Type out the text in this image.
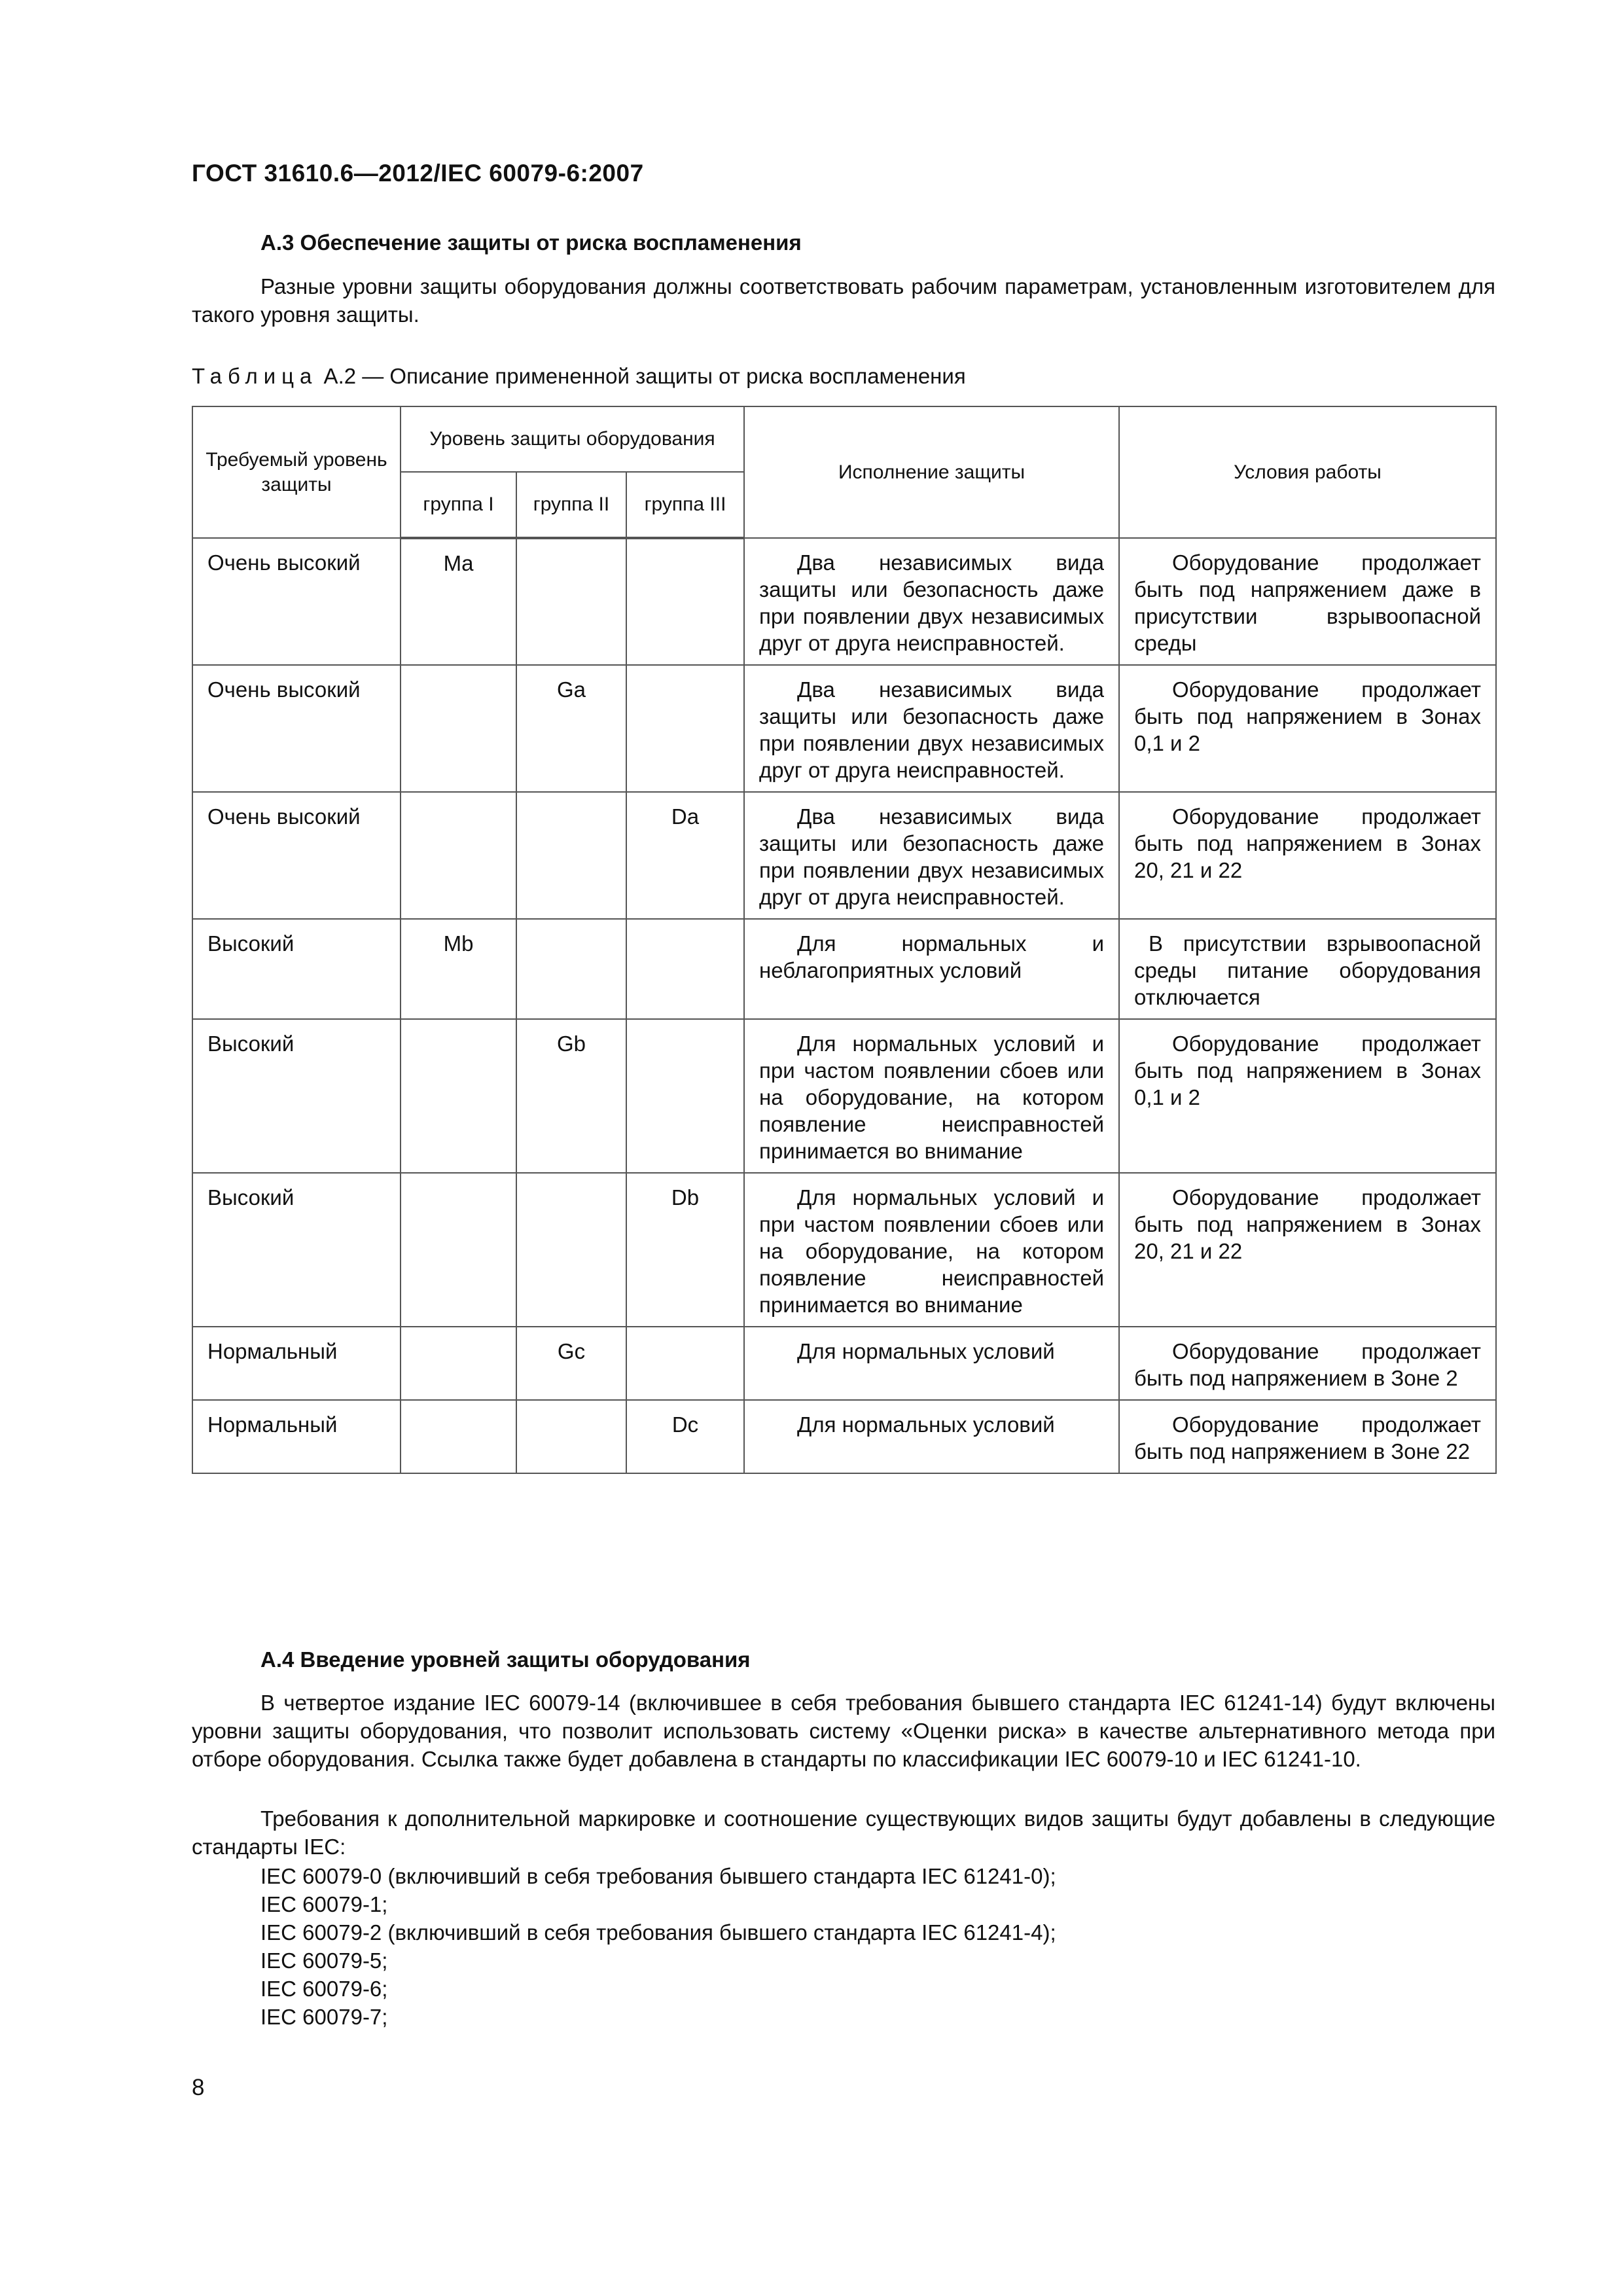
ГОСТ 31610.6—2012/IEC 60079-6:2007
А.3 Обеспечение защиты от риска воспламенения

Разные уровни защиты оборудования должны соответствовать рабочим параметрам, установленным изготовителем для такого уровня защиты.

Таблица А.2 — Описание примененной защиты от риска воспламенения

Требуемый уровень защиты	Уровень защиты оборудования			Исполнение защиты	Условия работы
	группа I	группа II	группа III		
Очень высокий	Ma			Два независимых вида защиты или безопасность даже при появлении двух независимых друг от друга неисправностей.	Оборудование продолжает быть под напряжением даже в присутствии взрывоопасной среды
Очень высокий		Ga		Два независимых вида защиты или безопасность даже при появлении двух независимых друг от друга неисправностей.	Оборудование продолжает быть под напряжением в Зонах 0,1 и 2
Очень высокий			Da	Два независимых вида защиты или безопасность даже при появлении двух независимых друг от друга неисправностей.	Оборудование продолжает быть под напряжением в Зонах 20, 21 и 22
Высокий	Mb			Для нормальных и неблагоприятных условий	В присутствии взрывоопасной среды питание оборудования отключается
Высокий		Gb		Для нормальных условий и при частом появлении сбоев или на оборудование, на котором появление неисправностей принимается во внимание	Оборудование продолжает быть под напряжением в Зонах 0,1 и 2
Высокий			Db	Для нормальных условий и при частом появлении сбоев или на оборудование, на котором появление неисправностей принимается во внимание	Оборудование продолжает быть под напряжением в Зонах 20, 21 и 22
Нормальный		Gc		Для нормальных условий	Оборудование продолжает быть под напряжением в Зоне 2
Нормальный			Dc	Для нормальных условий	Оборудование продолжает быть под напряжением в Зоне 22
А.4 Введение уровней защиты оборудования

В четвертое издание IEC 60079-14 (включившее в себя требования бывшего стандарта IEC 61241-14) будут включены уровни защиты оборудования, что позволит использовать систему «Оценки риска» в качестве альтернативного метода при отборе оборудования. Ссылка также будет добавлена в стандарты по классификации IEC 60079-10 и IEC 61241-10.

Требования к дополнительной маркировке и соотношение существующих видов защиты будут добавлены в следующие стандарты IEC:

IEC 60079-0 (включивший в себя требования бывшего стандарта IEC 61241-0);

IEC 60079-1;

IEC 60079-2 (включивший в себя требования бывшего стандарта IEC 61241-4);

IEC 60079-5;

IEC 60079-6;

IEC 60079-7;

8
